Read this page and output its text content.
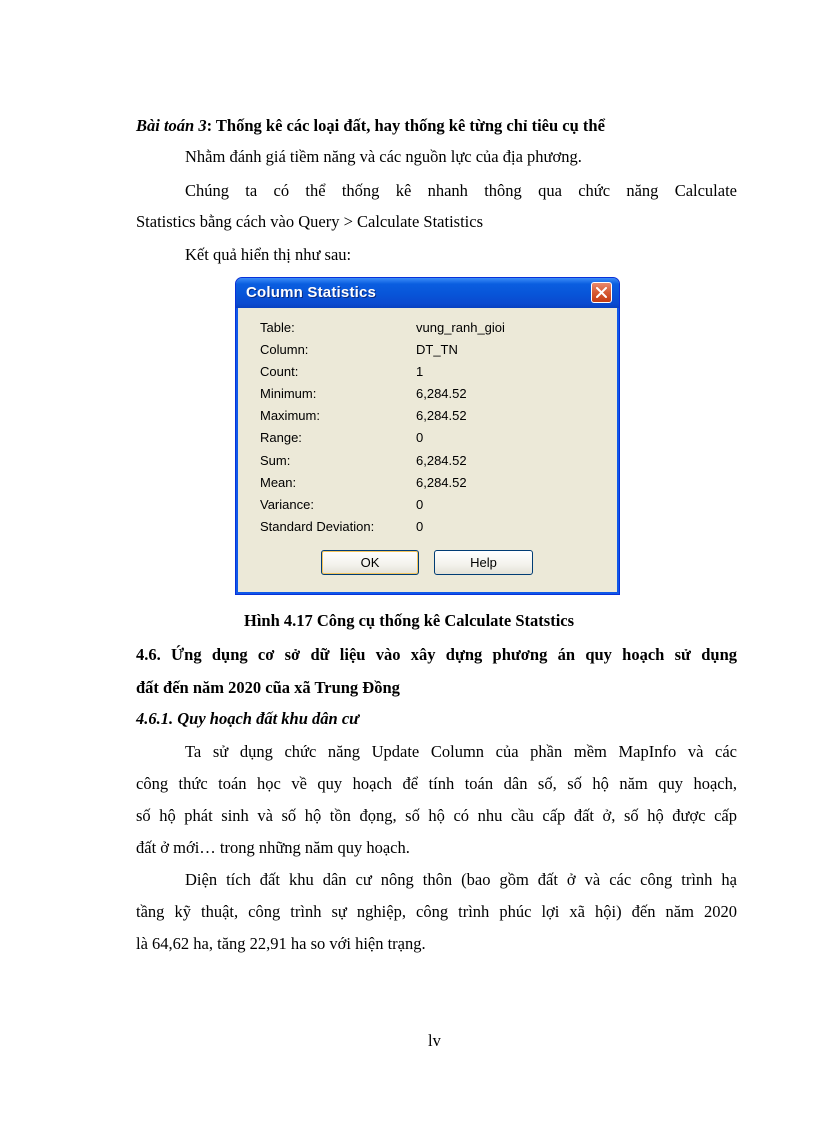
Bài toán 3: Thống kê các loại đất, hay thống kê từng chỉ tiêu cụ thể
Nhằm đánh giá tiềm năng và các nguồn lực của địa phương.
Chúng ta có thể thống kê nhanh thông qua chức năng Calculate
Statistics bằng cách vào Query > Calculate Statistics
Kết quả hiển thị như sau:
Column Statistics
Table:	vung_ranh_gioi
Column:	DT_TN
Count:	1
Minimum:	6,284.52
Maximum:	6,284.52
Range:	0
Sum:	6,284.52
Mean:	6,284.52
Variance:	0
Standard Deviation:	0
OK	Help
Hình 4.17 Công cụ thống kê Calculate Statstics
4.6. Ứng dụng cơ sở dữ liệu vào xây dựng phương án quy hoạch sử dụng
đất đến năm 2020 cũa xã Trung Đồng
4.6.1. Quy hoạch đất khu dân cư
Ta sử dụng chức năng Update Column của phần mềm MapInfo và các
công thức toán học về quy hoạch để tính toán dân số, số hộ năm quy hoạch,
số hộ phát sinh và số hộ tồn đọng, số hộ có nhu cầu cấp đất ở, số hộ được cấp
đất ở mới… trong những năm quy hoạch.
Diện tích đất khu dân cư nông thôn (bao gồm đất ở và các công trình hạ
tầng kỹ thuật, công trình sự nghiệp, công trình phúc lợi xã hội) đến năm 2020
là 64,62 ha, tăng 22,91 ha so với hiện trạng.
lv
